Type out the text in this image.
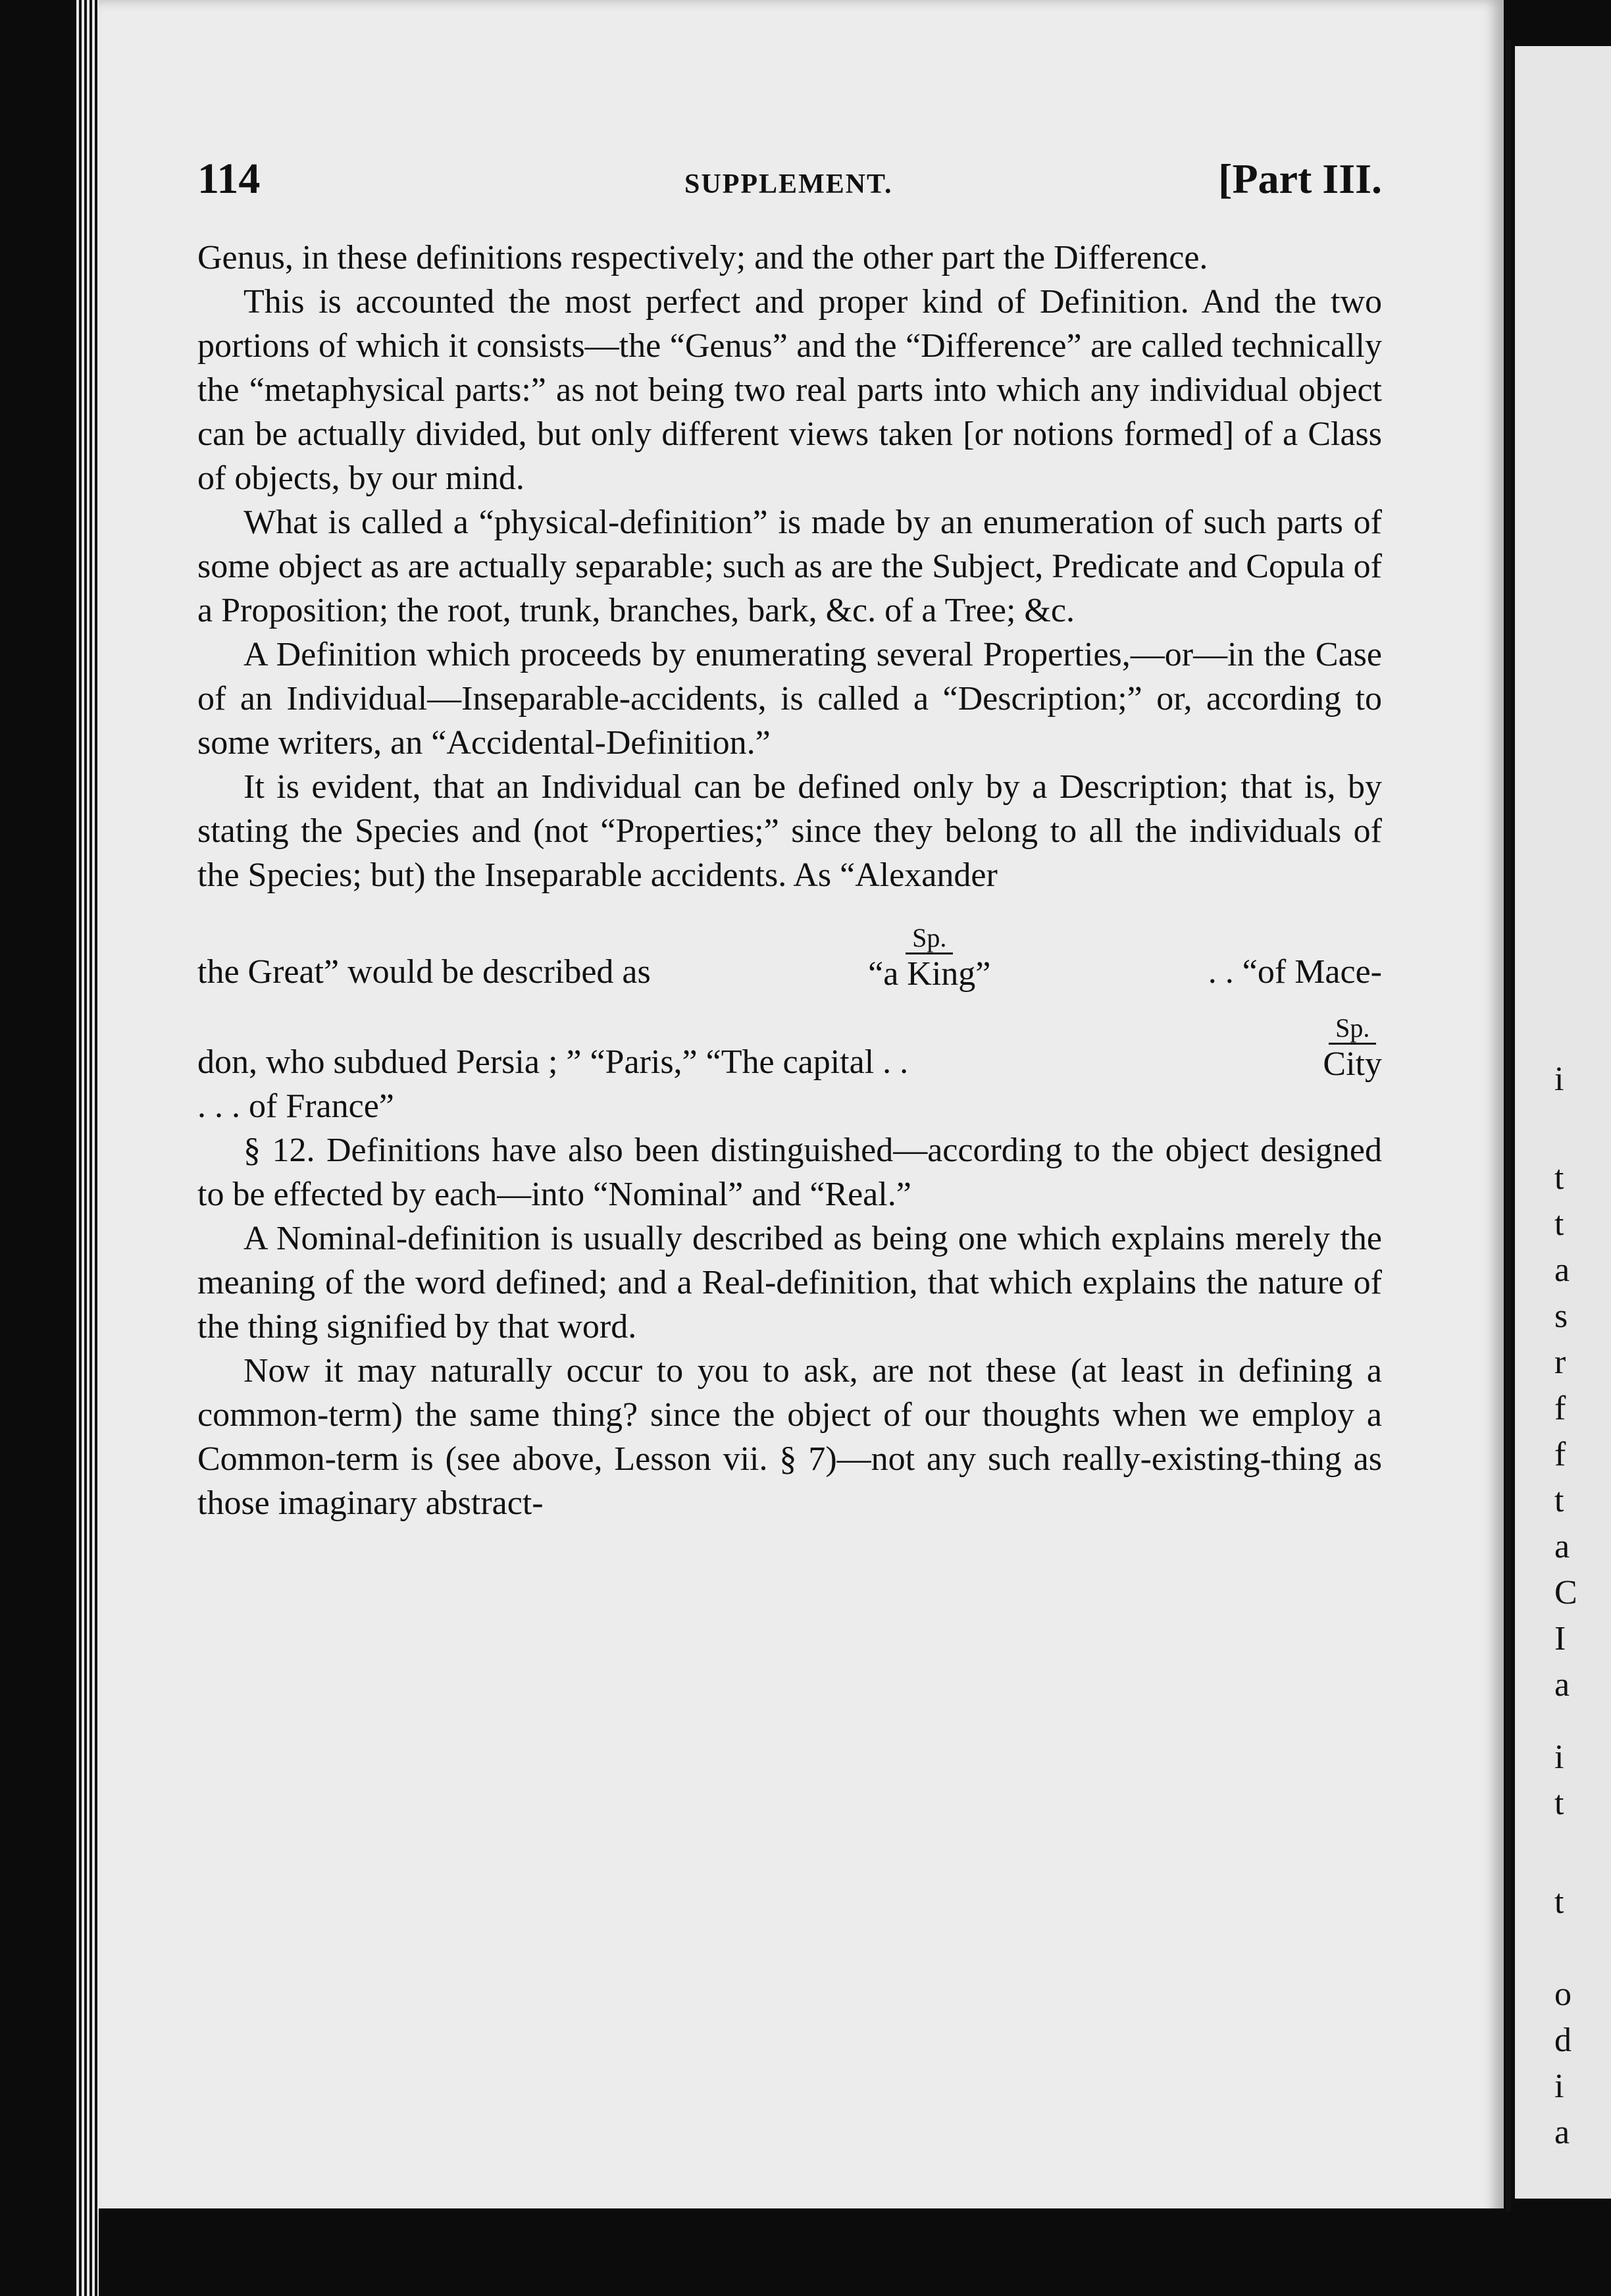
i
t
t
a
s
r
f
f
t
a
C
I
a
i
t
t
o
d
i
a
114	SUPPLEMENT.	[Part III.

Genus, in these definitions respectively; and the other part the Difference.

This is accounted the most perfect and proper kind of Definition. And the two portions of which it consists—the “Genus” and the “Difference” are called technically the “metaphysical parts:” as not being two real parts into which any individual object can be actually divided, but only different views taken [or notions formed] of a Class of objects, by our mind.

What is called a “physical-definition” is made by an enumeration of such parts of some object as are actually separable; such as are the Subject, Predicate and Copula of a Proposition; the root, trunk, branches, bark, &c. of a Tree; &c.

A Definition which proceeds by enumerating several Properties,—or—in the Case of an Individual—Inseparable-accidents, is called a “Description;” or, according to some writers, an “Accidental-Definition.”

It is evident, that an Individual can be defined only by a Description; that is, by stating the Species and (not “Properties;” since they belong to all the individuals of the Species; but) the Inseparable accidents. As “Alexander

the Great” would be described as
Sp.
“a King”	. . “of Mace-
don, who subdued Persia ; ” “Paris,” “The capital . .
Sp.
City

. . . of France”

§ 12. Definitions have also been distinguished—according to the object designed to be effected by each—into “Nominal” and “Real.”

A Nominal-definition is usually described as being one which explains merely the meaning of the word defined; and a Real-definition, that which explains the nature of the thing signified by that word.

Now it may naturally occur to you to ask, are not these (at least in defining a common-term) the same thing? since the object of our thoughts when we employ a Common-term is (see above, Lesson vii. § 7)—not any such really-existing-thing as those imaginary abstract-
